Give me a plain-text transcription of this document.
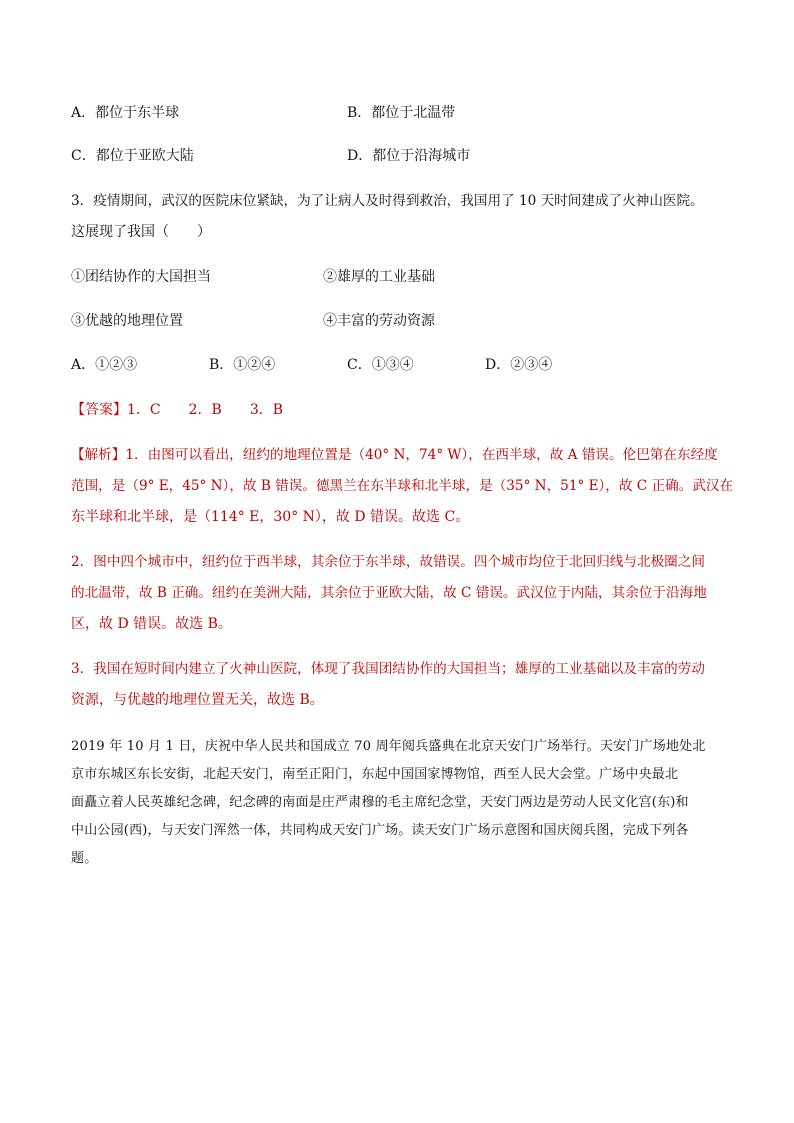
A．都位于东半球	B．都位于北温带
C．都位于亚欧大陆	D．都位于沿海城市
3．疫情期间，武汉的医院床位紧缺，为了让病人及时得到救治，我国用了 10 天时间建成了火神山医院。
这展现了我国（　　）
①团结协作的大国担当	②雄厚的工业基础
③优越的地理位置	④丰富的劳动资源
A．①②③	B．①②④	C．①③④	D．②③④
【答案】1．C　　2．B　　3．B
【解析】1．由图可以看出，纽约的地理位置是（40° N，74° W），在西半球，故 A 错误。伦巴第在东经度
范围，是（9° E，45° N），故 B 错误。德黑兰在东半球和北半球，是（35° N，51° E），故 C 正确。武汉在
东半球和北半球，是（114° E，30° N），故 D 错误。故选 C。
2．图中四个城市中，纽约位于西半球，其余位于东半球，故错误。四个城市均位于北回归线与北极圈之间
的北温带，故 B 正确。纽约在美洲大陆，其余位于亚欧大陆，故 C 错误。武汉位于内陆，其余位于沿海地
区，故 D 错误。故选 B。
3．我国在短时间内建立了火神山医院，体现了我国团结协作的大国担当；雄厚的工业基础以及丰富的劳动
资源，与优越的地理位置无关，故选 B。

2019 年 10 月 1 日，庆祝中华人民共和国成立 70 周年阅兵盛典在北京天安门广场举行。天安门广场地处北

京市东城区东长安街，北起天安门，南至正阳门，东起中国国家博物馆，西至人民大会堂。广场中央最北

面矗立着人民英雄纪念碑，纪念碑的南面是庄严肃穆的毛主席纪念堂，天安门两边是劳动人民文化宫(东)和

中山公园(西)，与天安门浑然一体，共同构成天安门广场。读天安门广场示意图和国庆阅兵图，完成下列各

题。
